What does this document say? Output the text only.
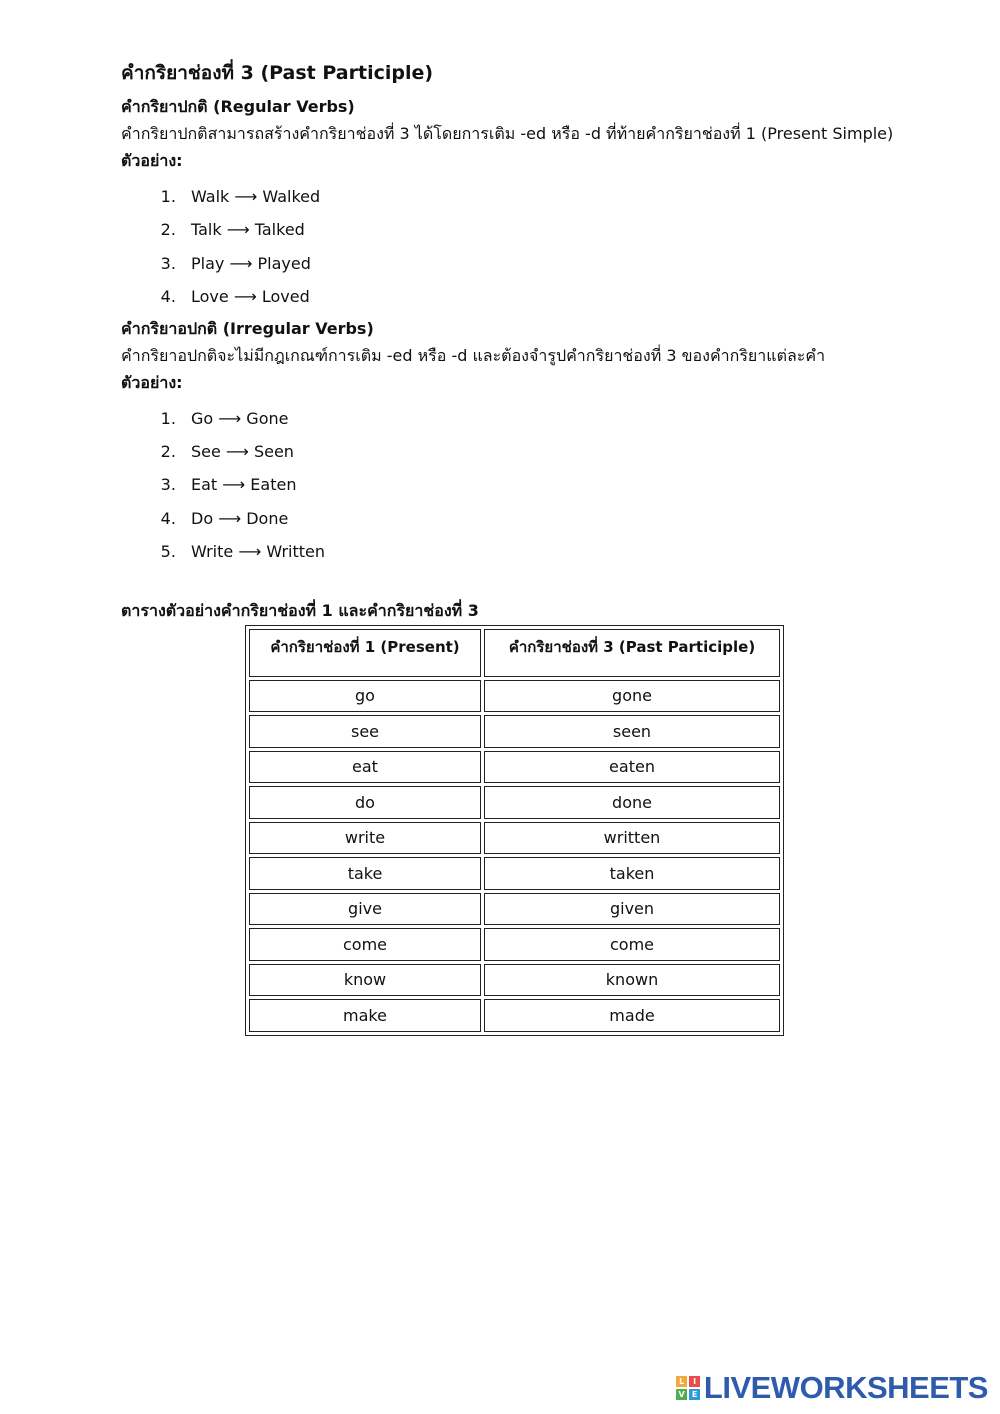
คำกริยาช่องที่ 3 (Past Participle)
คำกริยาปกติ (Regular Verbs)

คำกริยาปกติสามารถสร้างคำกริยาช่องที่ 3 ได้โดยการเติม -ed หรือ -d ที่ท้ายคำกริยาช่องที่ 1 (Present Simple)

ตัวอย่าง:
1. Walk ⟶ Walked
2. Talk ⟶ Talked
3. Play ⟶ Played
4. Love ⟶ Loved
คำกริยาอปกติ (Irregular Verbs)

คำกริยาอปกติจะไม่มีกฎเกณฑ์การเติม -ed หรือ -d และต้องจำรูปคำกริยาช่องที่ 3 ของคำกริยาแต่ละคำ

ตัวอย่าง:
1. Go ⟶ Gone
2. See ⟶ Seen
3. Eat ⟶ Eaten
4. Do ⟶ Done
5. Write ⟶ Written
ตารางตัวอย่างคำกริยาช่องที่ 1 และคำกริยาช่องที่ 3
คำกริยาช่องที่ 1 (Present)	คำกริยาช่องที่ 3 (Past Participle)
go	gone
see	seen
eat	eaten
do	done
write	written
take	taken
give	given
come	come
know	known
make	made
L	I
V E LIVEWORKSHEETS
